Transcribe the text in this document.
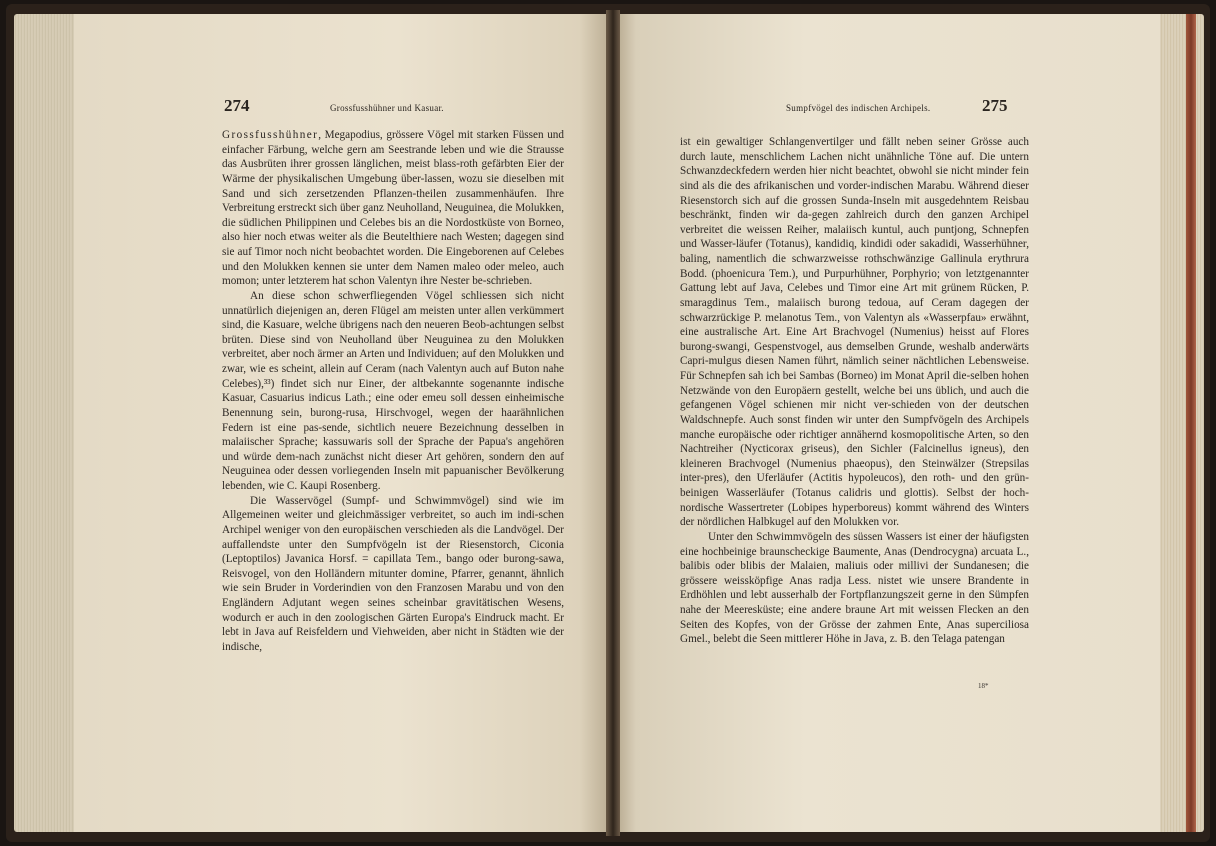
274	Grossfusshühner und Kasuar.	Sumpfvögel des indischen Archipels.	275

Grossfusshühner, Megapodius, grössere Vögel mit starken Füssen und einfacher Färbung, welche gern am Seestrande leben und wie die Strausse das Ausbrüten ihrer grossen länglichen, meist blass-roth gefärbten Eier der Wärme der physikalischen Umgebung über-lassen, wozu sie dieselben mit Sand und sich zersetzenden Pflanzen-theilen zusammenhäufen. Ihre Verbreitung erstreckt sich über ganz Neuholland, Neuguinea, die Molukken, die südlichen Philippinen und Celebes bis an die Nordostküste von Borneo, also hier noch etwas weiter als die Beutelthiere nach Westen; dagegen sind sie auf Timor noch nicht beobachtet worden. Die Eingeborenen auf Celebes und den Molukken kennen sie unter dem Namen maleo oder meleo, auch momon; unter letzterem hat schon Valentyn ihre Nester be-schrieben.

An diese schon schwerfliegenden Vögel schliessen sich nicht unnatürlich diejenigen an, deren Flügel am meisten unter allen verkümmert sind, die Kasuare, welche übrigens nach den neueren Beob-achtungen selbst brüten. Diese sind von Neuholland über Neuguinea zu den Molukken verbreitet, aber noch ärmer an Arten und Individuen; auf den Molukken und zwar, wie es scheint, allein auf Ceram (nach Valentyn auch auf Buton nahe Celebes),³³) findet sich nur Einer, der altbekannte sogenannte indische Kasuar, Casuarius indicus Lath.; eine oder emeu soll dessen einheimische Benennung sein, burong-rusa, Hirschvogel, wegen der haarähnlichen Federn ist eine pas-sende, sichtlich neuere Bezeichnung desselben in malaiischer Sprache; kassuwaris soll der Sprache der Papua's angehören und würde dem-nach zunächst nicht dieser Art gehören, sondern den auf Neuguinea oder dessen vorliegenden Inseln mit papuanischer Bevölkerung lebenden, wie C. Kaupi Rosenberg.

Die Wasservögel (Sumpf- und Schwimmvögel) sind wie im Allgemeinen weiter und gleichmässiger verbreitet, so auch im indi-schen Archipel weniger von den europäischen verschieden als die Landvögel. Der auffallendste unter den Sumpfvögeln ist der Riesenstorch, Ciconia (Leptoptilos) Javanica Horsf. = capillata Tem., bango oder burong-sawa, Reisvogel, von den Holländern mitunter domine, Pfarrer, genannt, ähnlich wie sein Bruder in Vorderindien von den Franzosen Marabu und von den Engländern Adjutant wegen seines scheinbar gravitätischen Wesens, wodurch er auch in den zoologischen Gärten Europa's Eindruck macht. Er lebt in Java auf Reisfeldern und Viehweiden, aber nicht in Städten wie der indische,

ist ein gewaltiger Schlangenvertilger und fällt neben seiner Grösse auch durch laute, menschlichem Lachen nicht unähnliche Töne auf. Die untern Schwanzdeckfedern werden hier nicht beachtet, obwohl sie nicht minder fein sind als die des afrikanischen und vorder-indischen Marabu. Während dieser Riesenstorch sich auf die grossen Sunda-Inseln mit ausgedehntem Reisbau beschränkt, finden wir da-gegen zahlreich durch den ganzen Archipel verbreitet die weissen Reiher, malaiisch kuntul, auch puntjong, Schnepfen und Wasser-läufer (Totanus), kandidiq, kindidi oder sakadidi, Wasserhühner, baling, namentlich die schwarzweisse rothschwänzige Gallinula erythrura Bodd. (phoenicura Tem.), und Purpurhühner, Porphyrio; von letztgenannter Gattung lebt auf Java, Celebes und Timor eine Art mit grünem Rücken, P. smaragdinus Tem., malaiisch burong tedoua, auf Ceram dagegen der schwarzrückige P. melanotus Tem., von Valentyn als «Wasserpfau» erwähnt, eine australische Art. Eine Art Brachvogel (Numenius) heisst auf Flores burong-swangi, Gespenstvogel, aus demselben Grunde, weshalb anderwärts Capri-mulgus diesen Namen führt, nämlich seiner nächtlichen Lebensweise. Für Schnepfen sah ich bei Sambas (Borneo) im Monat April die-selben hohen Netzwände von den Europäern gestellt, welche bei uns üblich, und auch die gefangenen Vögel schienen mir nicht ver-schieden von der deutschen Waldschnepfe. Auch sonst finden wir unter den Sumpfvögeln des Archipels manche europäische oder richtiger annähernd kosmopolitische Arten, so den Nachtreiher (Nycticorax griseus), den Sichler (Falcinellus igneus), den kleineren Brachvogel (Numenius phaeopus), den Steinwälzer (Strepsilas inter-pres), den Uferläufer (Actitis hypoleucos), den roth- und den grün-beinigen Wasserläufer (Totanus calidris und glottis). Selbst der hoch-nordische Wassertreter (Lobipes hyperboreus) kommt während des Winters der nördlichen Halbkugel auf den Molukken vor.

Unter den Schwimmvögeln des süssen Wassers ist einer der häufigsten eine hochbeinige braunscheckige Baumente, Anas (Dendrocygna) arcuata L., balibis oder blibis der Malaien, maliuis oder millivi der Sundanesen; die grössere weissköpfige Anas radja Less. nistet wie unsere Brandente in Erdhöhlen und lebt ausserhalb der Fortpflanzungszeit gerne in den Sümpfen nahe der Meeresküste; eine andere braune Art mit weissen Flecken an den Seiten des Kopfes, von der Grösse der zahmen Ente, Anas superciliosa Gmel., belebt die Seen mittlerer Höhe in Java, z. B. den Telaga patengan

18*
